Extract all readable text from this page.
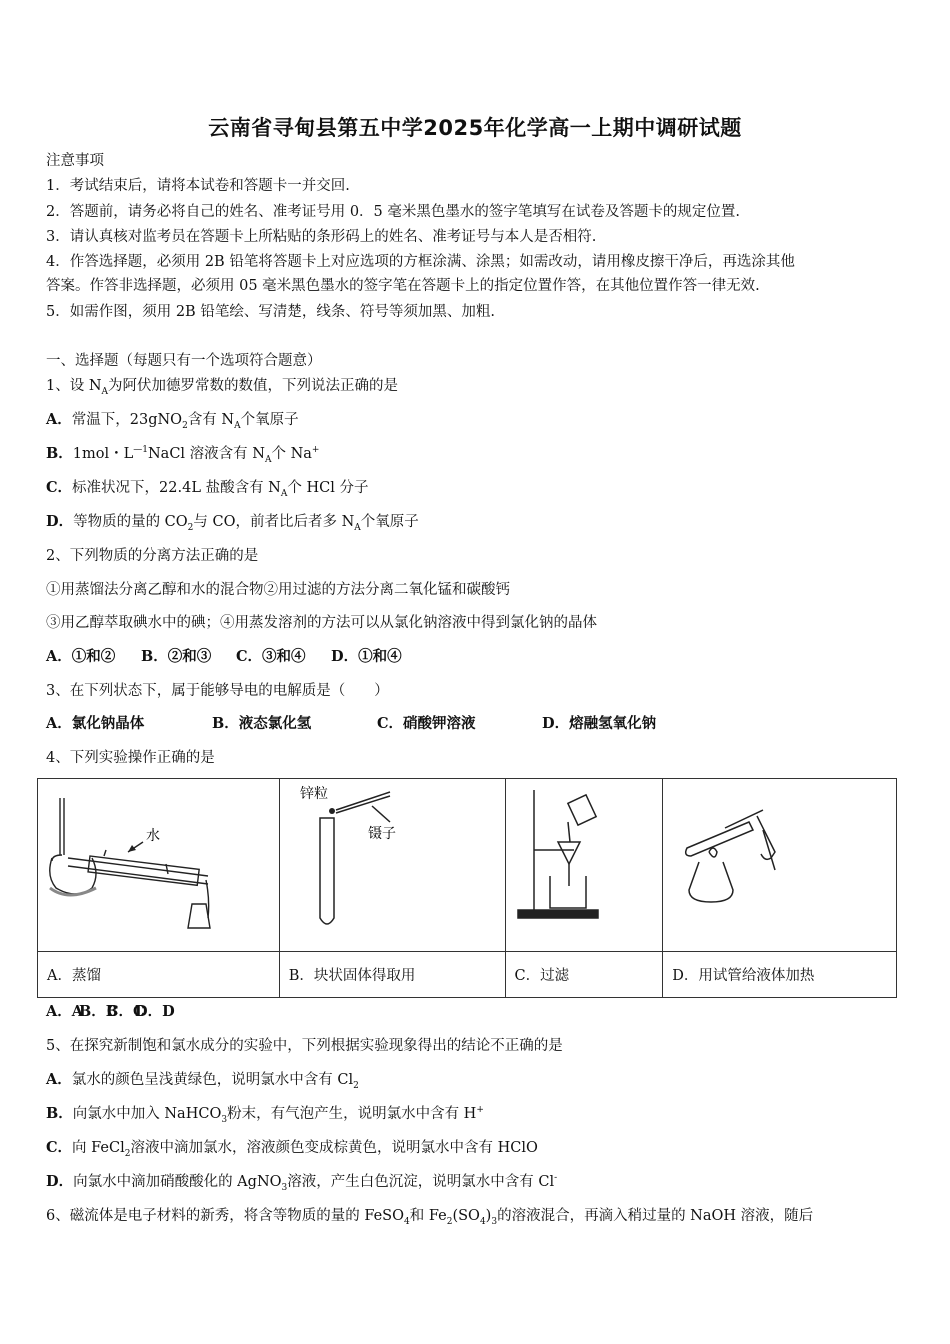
云南省寻甸县第五中学2025年化学高一上期中调研试题
注意事项
1．考试结束后，请将本试卷和答题卡一并交回.
2．答题前，请务必将自己的姓名、准考证号用 0．5 毫米黑色墨水的签字笔填写在试卷及答题卡的规定位置.
3．请认真核对监考员在答题卡上所粘贴的条形码上的姓名、准考证号与本人是否相符.
4．作答选择题，必须用 2B 铅笔将答题卡上对应选项的方框涂满、涂黑；如需改动，请用橡皮擦干净后，再选涂其他
答案。作答非选择题，必须用 05 毫米黑色墨水的签字笔在答题卡上的指定位置作答，在其他位置作答一律无效.
5．如需作图，须用 2B 铅笔绘、写清楚，线条、符号等须加黑、加粗.
一、选择题（每题只有一个选项符合题意）
1、设 $N_A$为阿伏加德罗常数的数值，下列说法正确的是
A．常温下，23gNO$_2$含有 $N_A$个氧原子
B．1mol・$L^{—1}NaCl$ 溶液含有 $N_A$个 Na+
C．标准状况下，22.4L 盐酸含有 $N_A$个 HCl 分子
D．等物质的量的 $CO_2$与 CO，前者比后者多 $N_A$个氧原子
2、下列物质的分离方法正确的是
①用蒸馏法分离乙醇和水的混合物②用过滤的方法分离二氧化锰和碳酸钙
③用乙醇萃取碘水中的碘；④用蒸发溶剂的方法可以从氯化钠溶液中得到氯化钠的晶体
A．①和② B．②和③ C．③和④ D．①和④
3、在下列状态下，属于能够导电的电解质是（　　）
A．氯化钠晶体	B．液态氯化氢	C．硝酸钾溶液	D．熔融氢氧化钠
4、下列实验操作正确的是
水	锌粒
镊子

A．蒸馏	B．块状固体得取用	C．过滤	D．用试管给液体加热
A．AB．BC．CD．D
5、在探究新制饱和氯水成分的实验中，下列根据实验现象得出的结论不正确的是
A．氯水的颜色呈浅黄绿色，说明氯水中含有 $Cl_2$
B．向氯水中加入 NaHCO$_3$粉末，有气泡产生，说明氯水中含有 H+
C．向 FeCl$_2$溶液中滴加氯水，溶液颜色变成棕黄色，说明氯水中含有 HClO
D．向氯水中滴加硝酸酸化的 AgNO$_3$溶液，产生白色沉淀，说明氯水中含有 Cl-
6、磁流体是电子材料的新秀，将含等物质的量的 FeSO$_4$和 $Fe_2(SO_4)_3$的溶液混合，再滴入稍过量的 NaOH 溶液，随后
